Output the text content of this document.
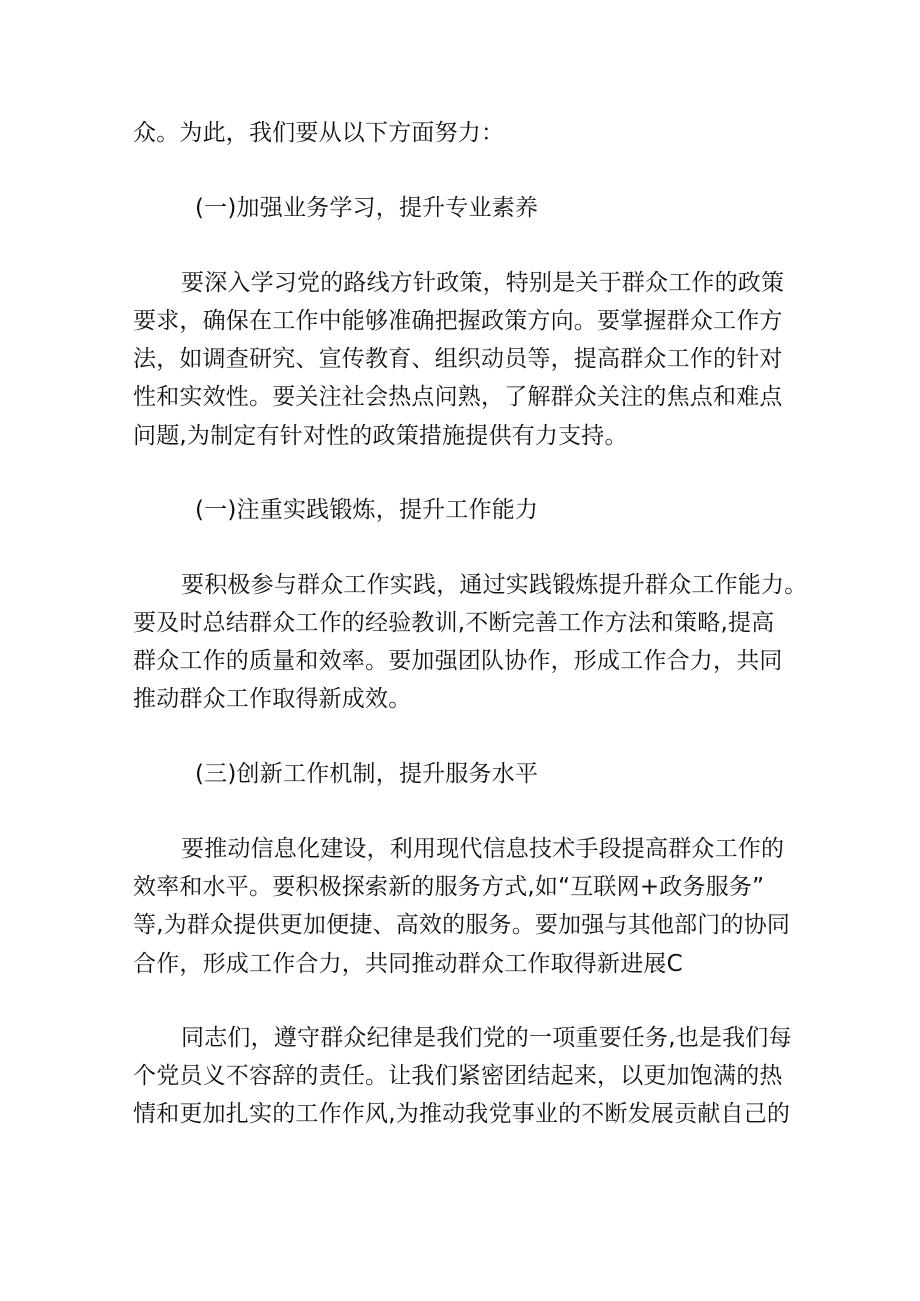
众。为此，我们要从以下方面努力：
(一)加强业务学习，提升专业素养
要深入学习党的路线方针政策，特别是关于群众工作的政策
要求，确保在工作中能够准确把握政策方向。要掌握群众工作方
法，如调查研究、宣传教育、组织动员等，提高群众工作的针对
性和实效性。要关注社会热点问熟，了解群众关注的焦点和难点
问题,为制定有针对性的政策措施提供有力支持。
(一)注重实践锻炼，提升工作能力
要积极参与群众工作实践，通过实践锻炼提升群众工作能力。
要及时总结群众工作的经验教训,不断完善工作方法和策略,提高
群众工作的质量和效率。要加强团队协作，形成工作合力，共同
推动群众工作取得新成效。
(三)创新工作机制，提升服务水平
要推动信息化建设，利用现代信息技术手段提高群众工作的
效率和水平。要积极探索新的服务方式,如“互联网+政务服务”
等,为群众提供更加便捷、高效的服务。要加强与其他部门的协同
合作，形成工作合力，共同推动群众工作取得新进展C
同志们，遵守群众纪律是我们党的一项重要任务,也是我们每
个党员义不容辞的责任。让我们紧密团结起来，以更加饱满的热
情和更加扎实的工作作风,为推动我党事业的不断发展贡献自己的
